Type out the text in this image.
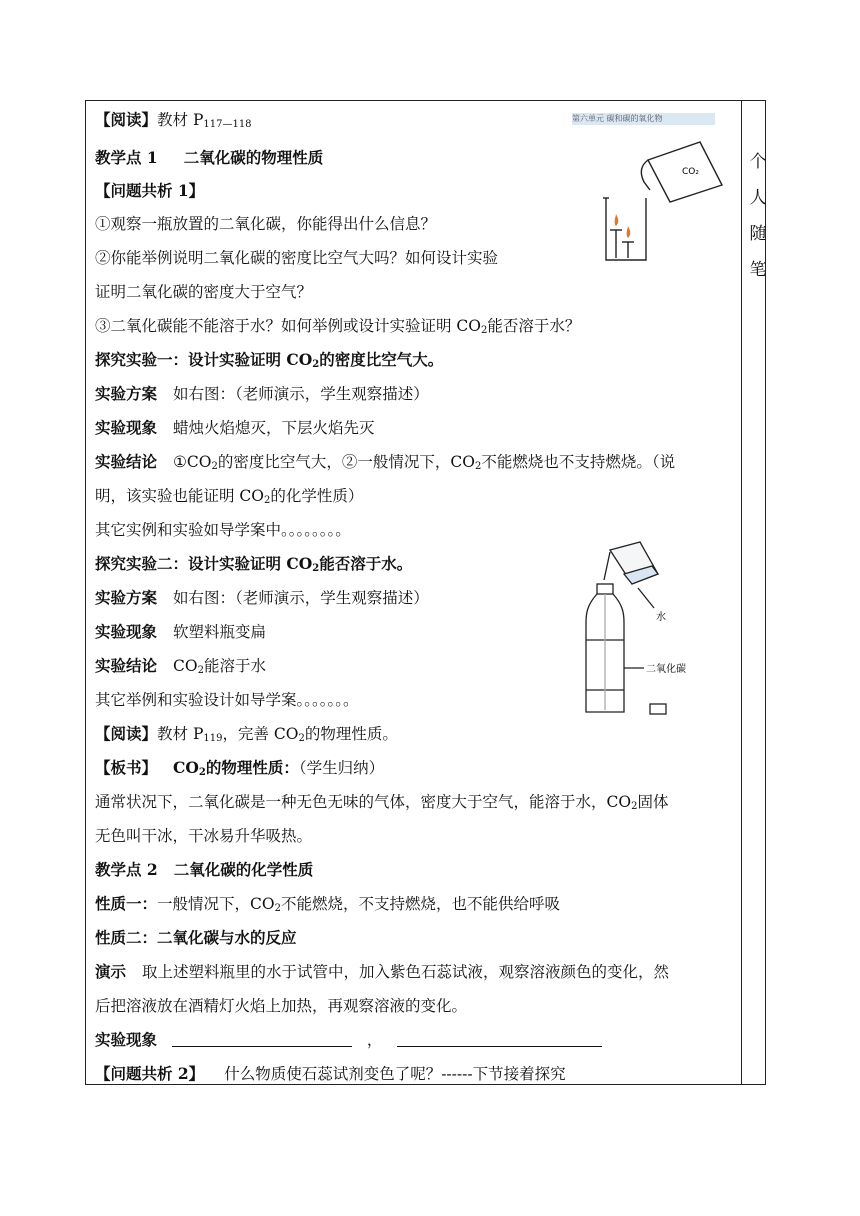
个
人
随
笔
第六单元 碳和碳的氧化物
【阅读】教材 $P_{117—118}$
教学点 1 二氧化碳的物理性质
【问题共析 1】
①观察一瓶放置的二氧化碳，你能得出什么信息？
②你能举例说明二氧化碳的密度比空气大吗？如何设计实验
证明二氧化碳的密度大于空气？
③二氧化碳能不能溶于水？如何举例或设计实验证明 $CO_2$能否溶于水？
探究实验一：设计实验证明 $CO_2$的密度比空气大。
实验方案 如右图：（老师演示，学生观察描述）
实验现象 蜡烛火焰熄灭，下层火焰先灭
实验结论 $①CO_2$的密度比空气大，②一般情况下，$CO_2$不能燃烧也不支持燃烧。（说
明，该实验也能证明 $CO_2$的化学性质）
其它实例和实验如导学案中。。。。。。。。
探究实验二：设计实验证明 $CO_2$能否溶于水。
实验方案 如右图：（老师演示，学生观察描述）
实验现象 软塑料瓶变扁
实验结论 $CO_2$能溶于水
其它举例和实验设计如导学案。。。。。。。
【阅读】教材 $P_{119}$，完善 $CO_2$的物理性质。
【板书】 $CO_2$的物理性质：（学生归纳）
通常状况下，二氧化碳是一种无色无味的气体，密度大于空气，能溶于水，$CO_2$固体
无色叫干冰，干冰易升华吸热。
教学点 2 二氧化碳的化学性质
性质一：一般情况下，$CO_2$不能燃烧，不支持燃烧，也不能供给呼吸
性质二：二氧化碳与水的反应
演示 取上述塑料瓶里的水于试管中，加入紫色石蕊试液，观察溶液颜色的变化，然
后把溶液放在酒精灯火焰上加热，再观察溶液的变化。
实验现象	，
【问题共析 2】 什么物质使石蕊试剂变色了呢？------下节接着探究
CO₂
水
二氧化碳
